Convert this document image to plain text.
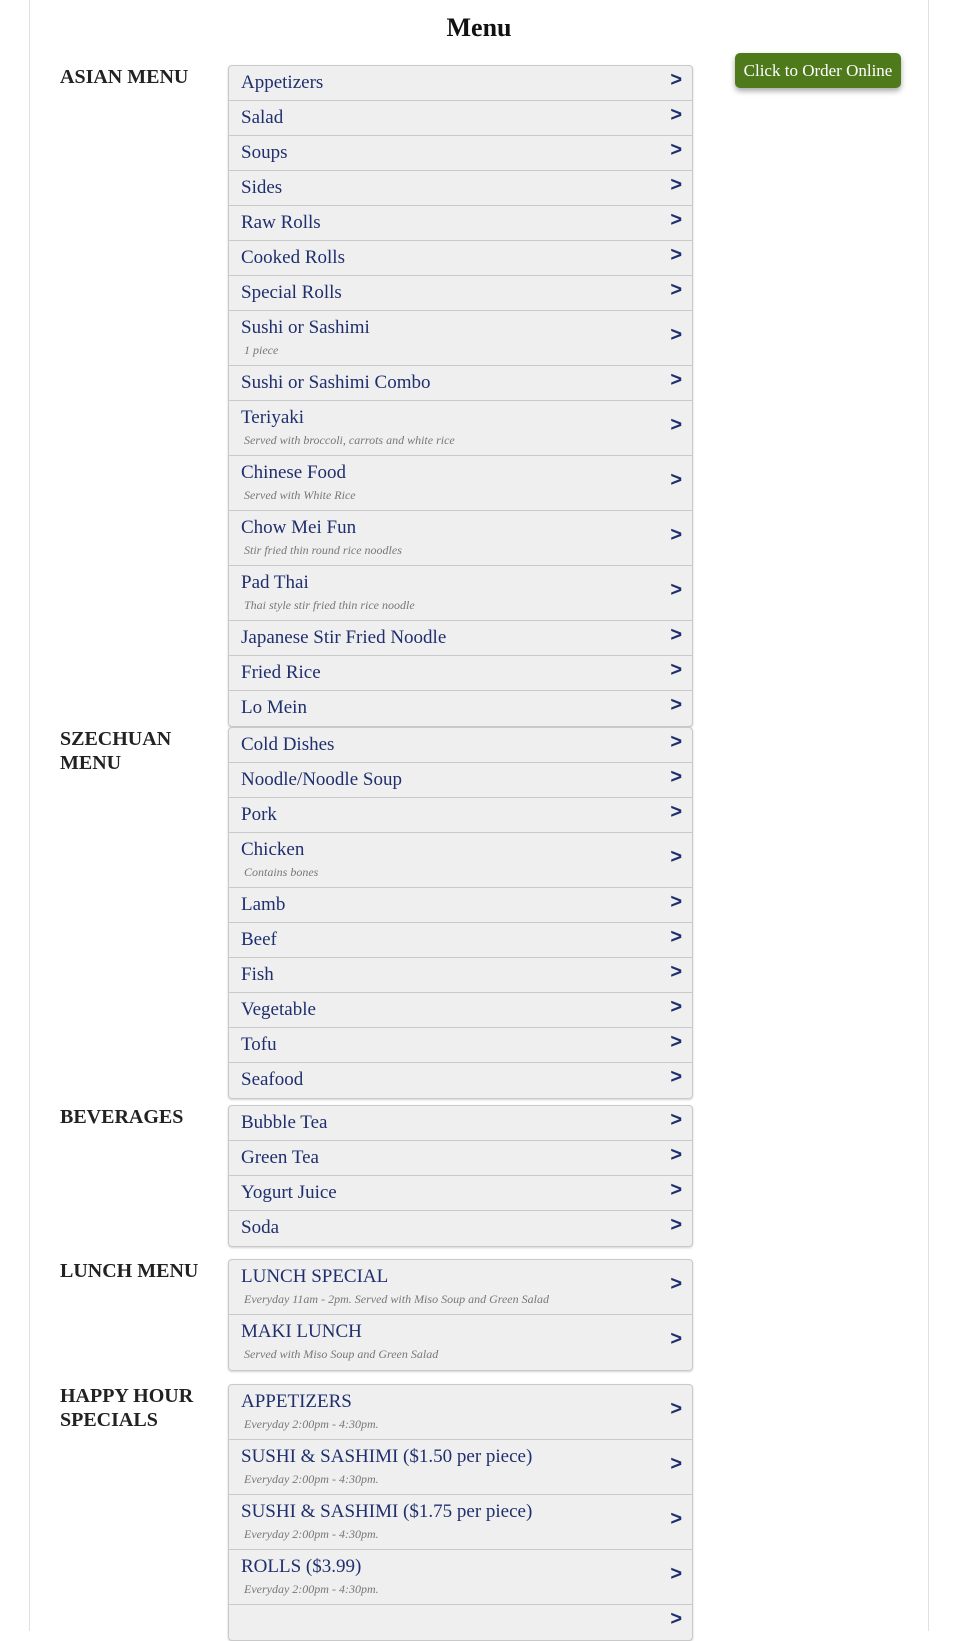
Menu
Click to Order Online
ASIAN MENU	Appetizers	>
Salad	>
Soups	>
Sides	>
Raw Rolls	>
Cooked Rolls	>
Special Rolls	>
Sushi or Sashimi
1 piece
>
Sushi or Sashimi Combo	>
Teriyaki
Served with broccoli, carrots and white rice
>
Chinese Food
Served with White Rice
>
Chow Mei Fun
Stir fried thin round rice noodles
>
Pad Thai
Thai style stir fried thin rice noodle
>
Japanese Stir Fried Noodle	>
Fried Rice	>
Lo Mein	>
SZECHUAN MENU
Cold Dishes	>
Noodle/Noodle Soup	>
Pork	>
Chicken
Contains bones
>
Lamb	>
Beef	>
Fish	>
Vegetable	>
Tofu	>
Seafood	>
BEVERAGES	Bubble Tea	>
Green Tea	>
Yogurt Juice	>
Soda	>
LUNCH MENU	LUNCH SPECIAL
Everyday 11am - 2pm. Served with Miso Soup and Green Salad
>
MAKI LUNCH
Served with Miso Soup and Green Salad
>
HAPPY HOUR SPECIALS
APPETIZERS
Everyday 2:00pm - 4:30pm.
>
SUSHI & SASHIMI ($1.50 per piece)
Everyday 2:00pm - 4:30pm.
>
SUSHI & SASHIMI ($1.75 per piece)
Everyday 2:00pm - 4:30pm.
>
ROLLS ($3.99)
Everyday 2:00pm - 4:30pm.
>
>
